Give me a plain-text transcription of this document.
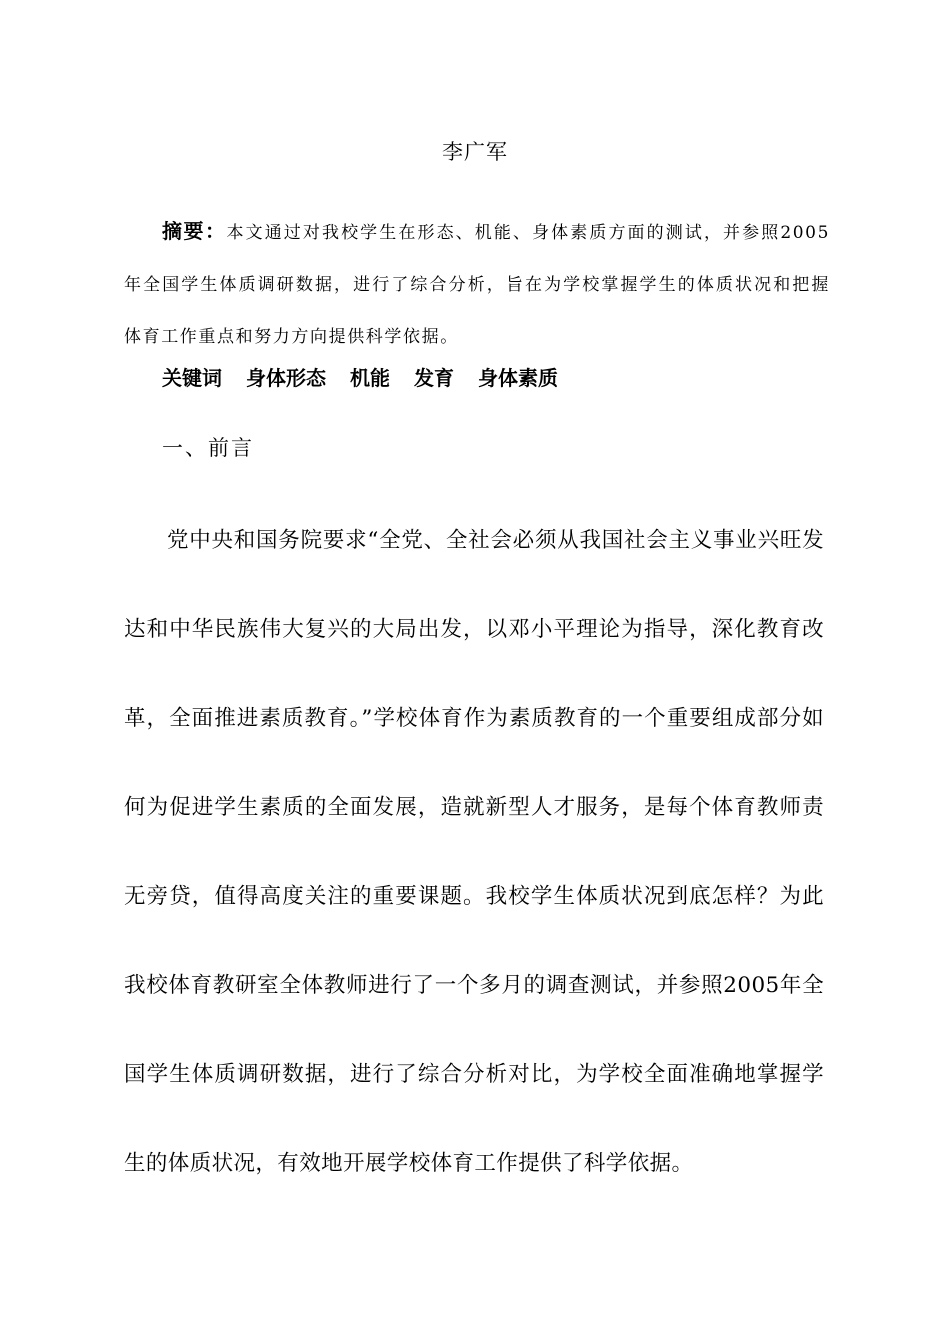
李广军

摘要：本文通过对我校学生在形态、机能、身体素质方面的测试，并参照2005年全国学生体质调研数据，进行了综合分析，旨在为学校掌握学生的体质状况和把握体育工作重点和努力方向提供科学依据。

关键词 身体形态 机能 发育 身体素质
一、前言

党中央和国务院要求“全党、全社会必须从我国社会主义事业兴旺发达和中华民族伟大复兴的大局出发，以邓小平理论为指导，深化教育改革，全面推进素质教育。”学校体育作为素质教育的一个重要组成部分如何为促进学生素质的全面发展，造就新型人才服务，是每个体育教师责无旁贷，值得高度关注的重要课题。我校学生体质状况到底怎样？为此我校体育教研室全体教师进行了一个多月的调查测试，并参照2005年全国学生体质调研数据，进行了综合分析对比，为学校全面准确地掌握学生的体质状况，有效地开展学校体育工作提供了科学依据。
